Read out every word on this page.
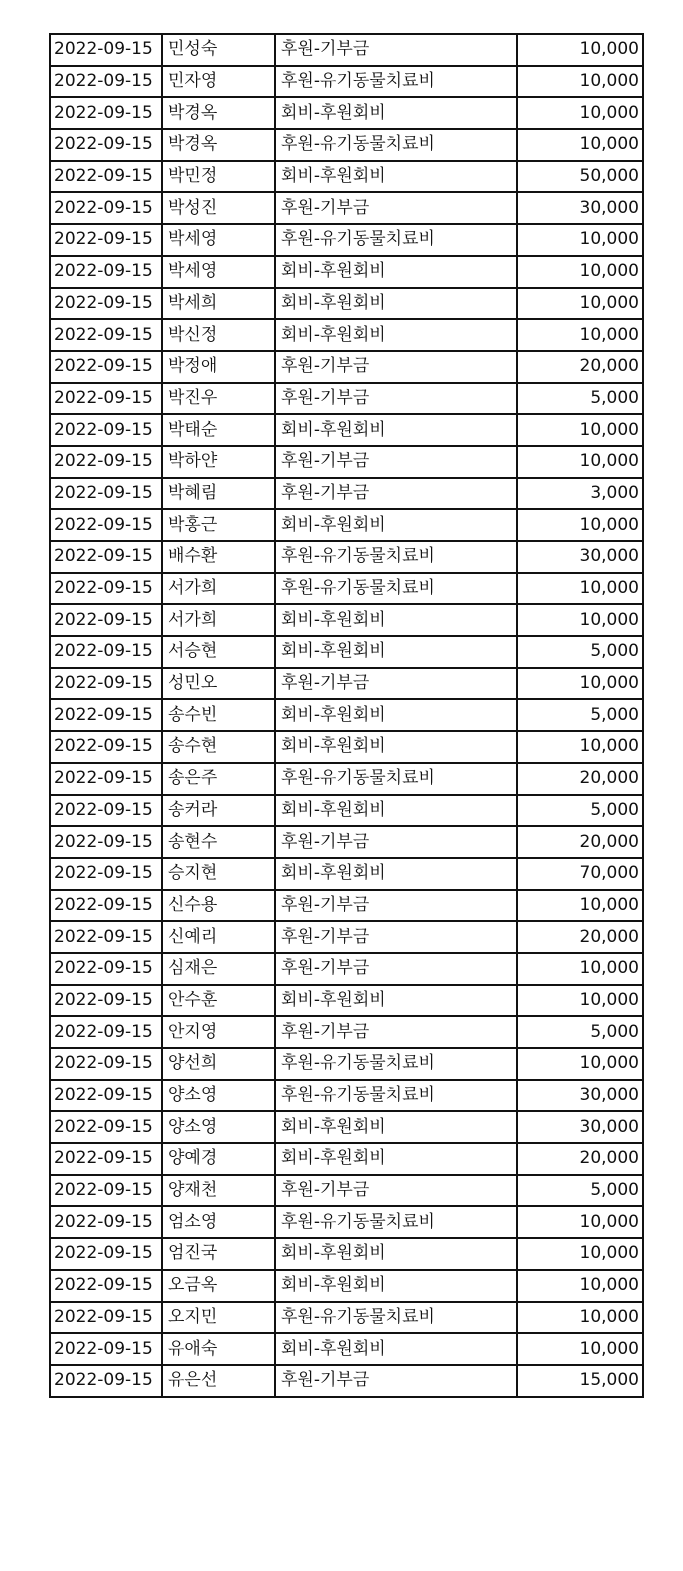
2022-09-15	민성숙	후원-기부금	10,000
2022-09-15	민자영	후원-유기동물치료비	10,000
2022-09-15	박경옥	회비-후원회비	10,000
2022-09-15	박경옥	후원-유기동물치료비	10,000
2022-09-15	박민정	회비-후원회비	50,000
2022-09-15	박성진	후원-기부금	30,000
2022-09-15	박세영	후원-유기동물치료비	10,000
2022-09-15	박세영	회비-후원회비	10,000
2022-09-15	박세희	회비-후원회비	10,000
2022-09-15	박신정	회비-후원회비	10,000
2022-09-15	박정애	후원-기부금	20,000
2022-09-15	박진우	후원-기부금	5,000
2022-09-15	박태순	회비-후원회비	10,000
2022-09-15	박하얀	후원-기부금	10,000
2022-09-15	박혜림	후원-기부금	3,000
2022-09-15	박홍근	회비-후원회비	10,000
2022-09-15	배수환	후원-유기동물치료비	30,000
2022-09-15	서가희	후원-유기동물치료비	10,000
2022-09-15	서가희	회비-후원회비	10,000
2022-09-15	서승현	회비-후원회비	5,000
2022-09-15	성민오	후원-기부금	10,000
2022-09-15	송수빈	회비-후원회비	5,000
2022-09-15	송수현	회비-후원회비	10,000
2022-09-15	송은주	후원-유기동물치료비	20,000
2022-09-15	송커라	회비-후원회비	5,000
2022-09-15	송현수	후원-기부금	20,000
2022-09-15	승지현	회비-후원회비	70,000
2022-09-15	신수용	후원-기부금	10,000
2022-09-15	신예리	후원-기부금	20,000
2022-09-15	심재은	후원-기부금	10,000
2022-09-15	안수훈	회비-후원회비	10,000
2022-09-15	안지영	후원-기부금	5,000
2022-09-15	양선희	후원-유기동물치료비	10,000
2022-09-15	양소영	후원-유기동물치료비	30,000
2022-09-15	양소영	회비-후원회비	30,000
2022-09-15	양예경	회비-후원회비	20,000
2022-09-15	양재천	후원-기부금	5,000
2022-09-15	엄소영	후원-유기동물치료비	10,000
2022-09-15	엄진국	회비-후원회비	10,000
2022-09-15	오금옥	회비-후원회비	10,000
2022-09-15	오지민	후원-유기동물치료비	10,000
2022-09-15	유애숙	회비-후원회비	10,000
2022-09-15	유은선	후원-기부금	15,000
